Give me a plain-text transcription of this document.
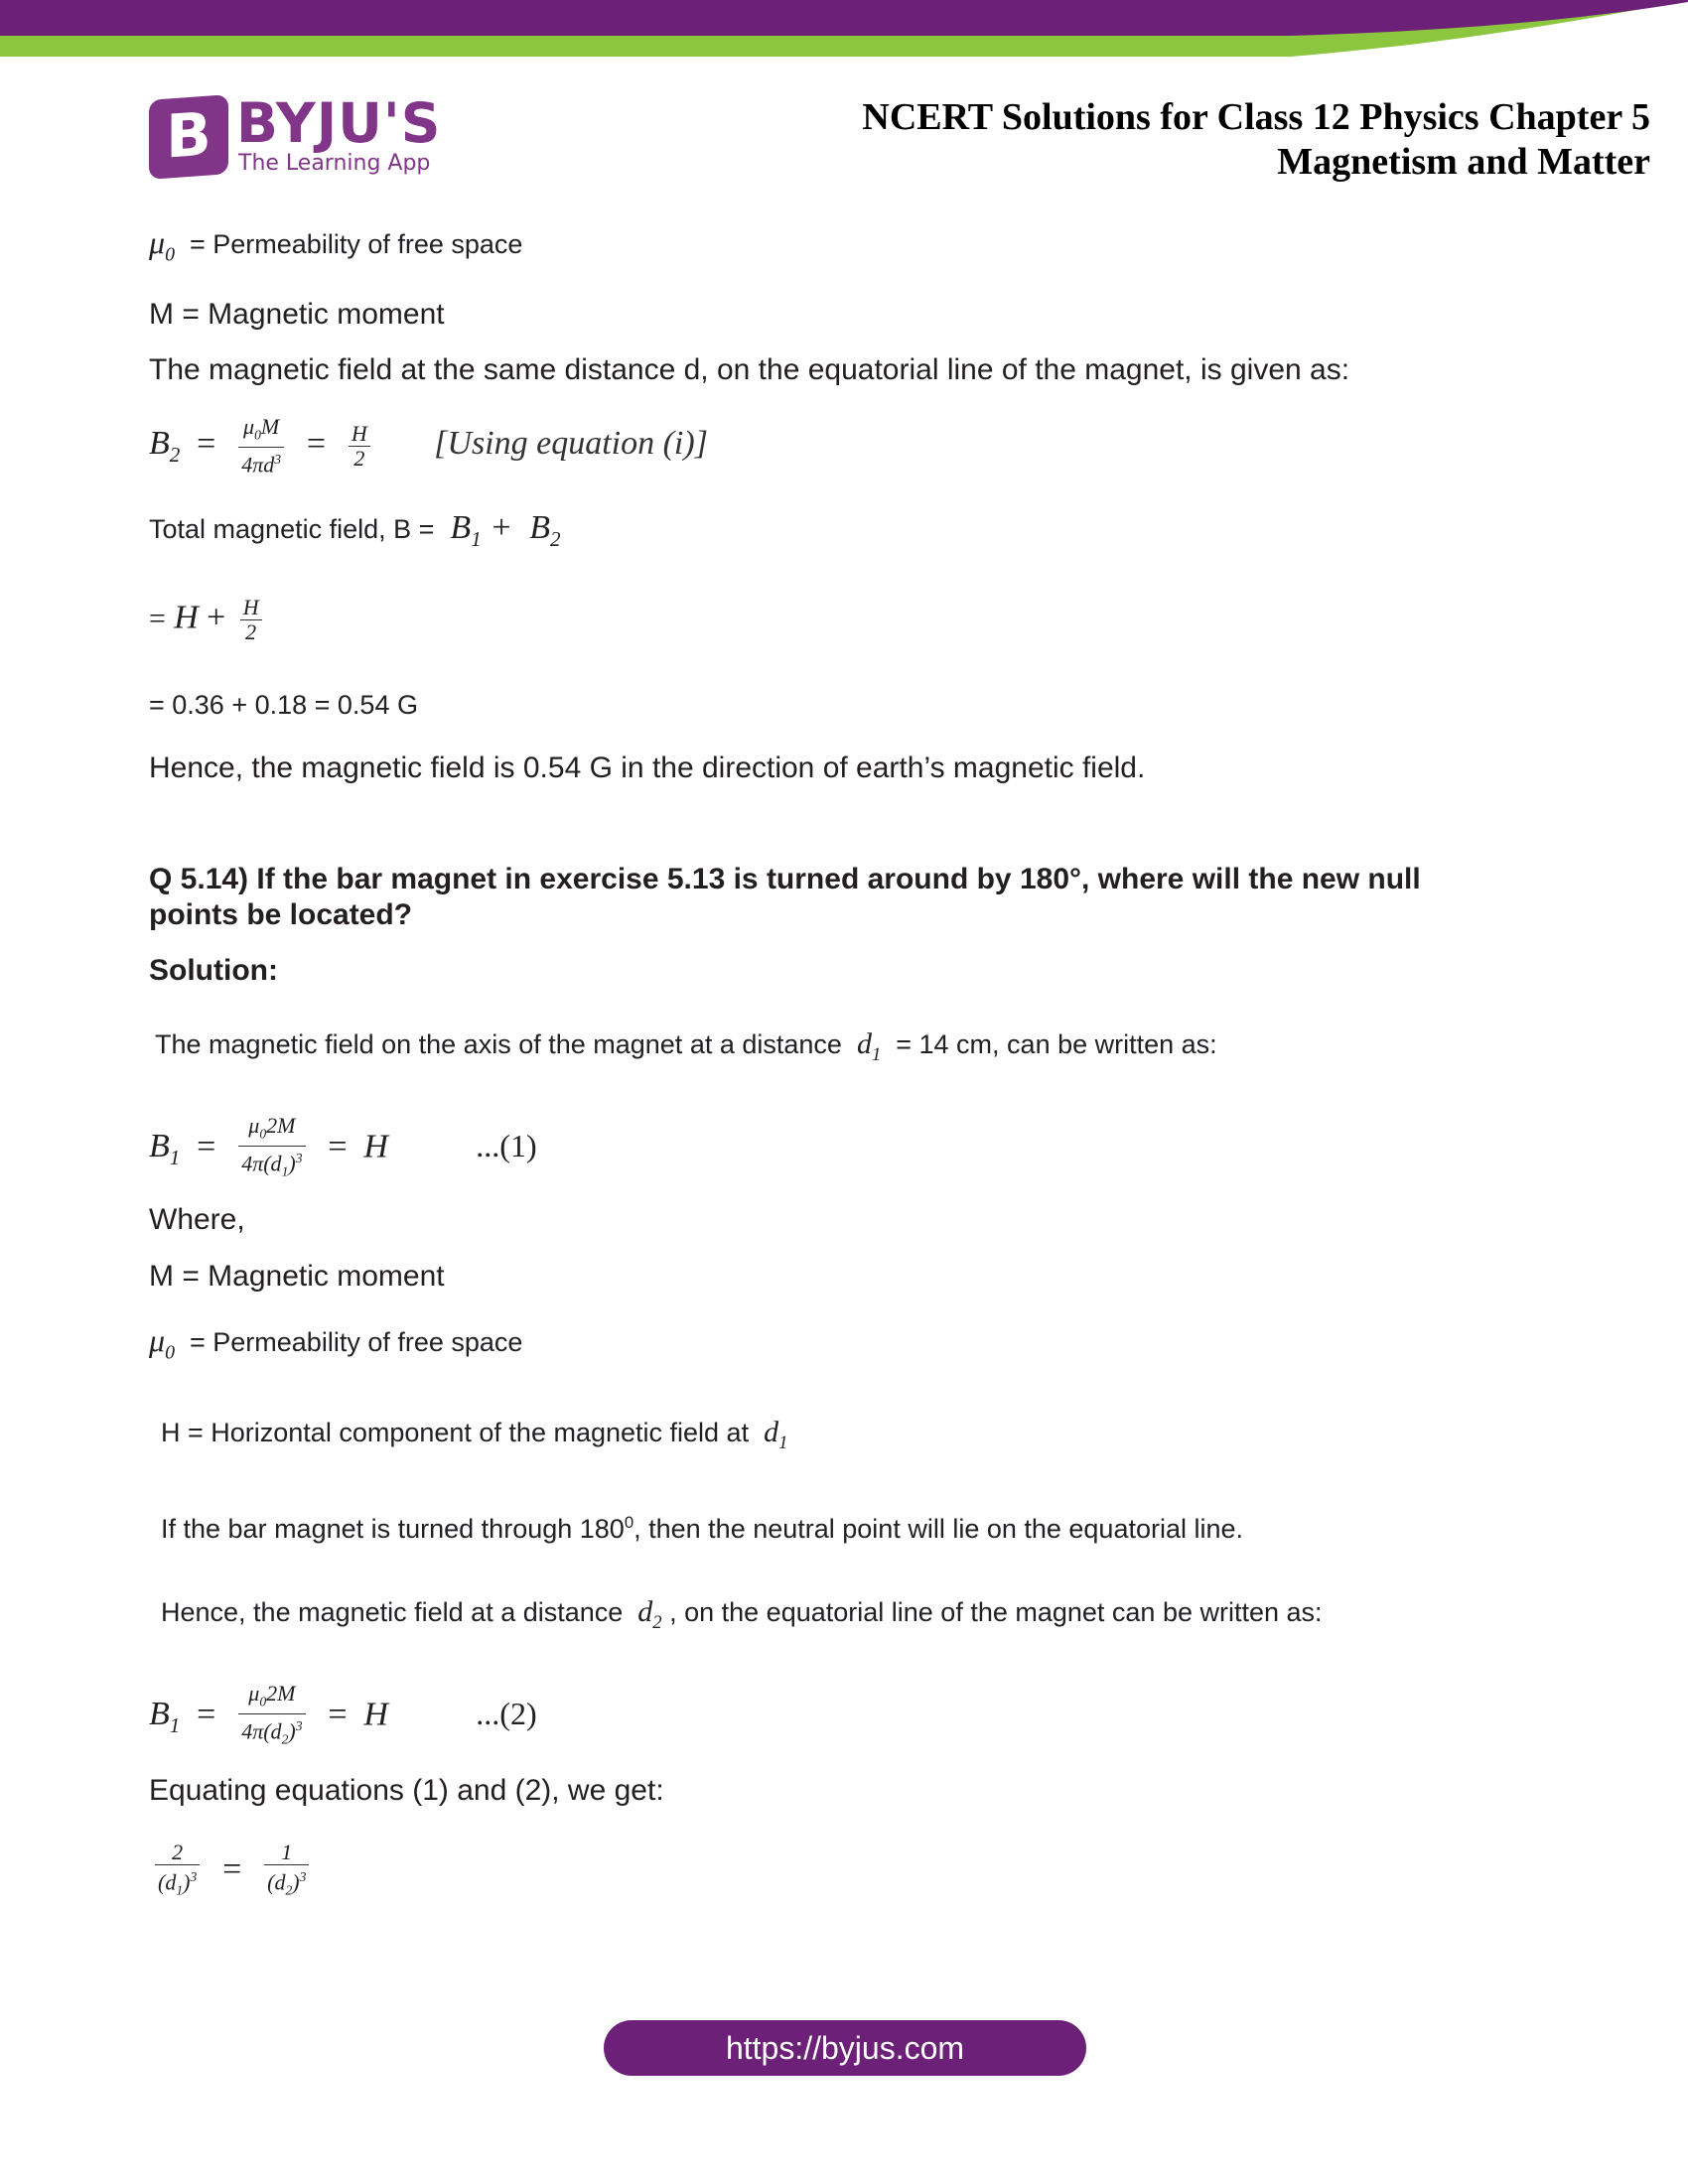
B BYJU'S
The Learning App
NCERT Solutions for Class 12 Physics Chapter 5
Magnetism and Matter
$\mu_0$ = Permeability of free space
M = Magnetic moment
The magnetic field at the same distance d, on the equatorial line of the magnet, is given as:
$B_2 = \frac{\mu_0M}{4\pi d^3} = \frac{H}{2} [Using$ equation (i)]
Total magnetic field, $B = B_1 + B_2$
= $H + \frac{H}{2}$
= 0.36 + 0.18 = 0.54 G
Hence, the magnetic field is 0.54 G in the direction of earth’s magnetic field.
Q 5.14) If the bar magnet in exercise 5.13 is turned around by 180°, where will the new null points be located?
Solution:
The magnetic field on the axis of the magnet at a distance $d_1 = 14$ cm, can be written as:
$B_1 = \frac{\mu_02M}{4\pi(d_1)^3} = H$	...(1)
Where,
M = Magnetic moment
$\mu_0$ = Permeability of free space
H = Horizontal component of the magnetic field at $d_1$
If the bar magnet is turned through $180^0$, then the neutral point will lie on the equatorial line.
Hence, the magnetic field at a distance $d_2$ , on the equatorial line of the magnet can be written as:
$B_1 = \frac{\mu_02M}{4\pi(d_2)^3} = H$	...(2)
Equating equations (1) and (2), we get:
$\frac{2}{(d_1)^3} = \frac{1}{(d_2)^3}$
https://byjus.com
